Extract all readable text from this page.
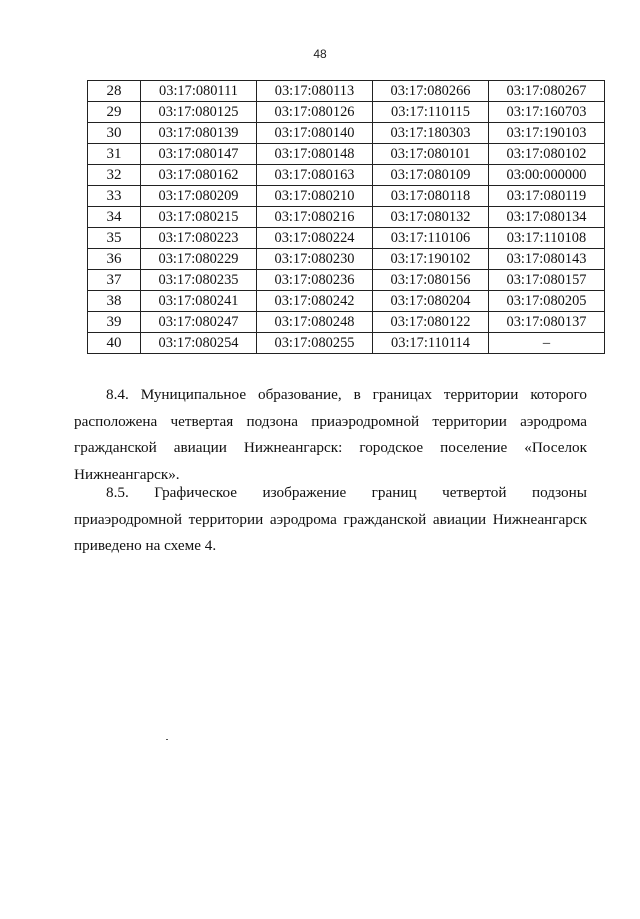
48
28	03:17:080111	03:17:080113	03:17:080266	03:17:080267
29	03:17:080125	03:17:080126	03:17:110115	03:17:160703
30	03:17:080139	03:17:080140	03:17:180303	03:17:190103
31	03:17:080147	03:17:080148	03:17:080101	03:17:080102
32	03:17:080162	03:17:080163	03:17:080109	03:00:000000
33	03:17:080209	03:17:080210	03:17:080118	03:17:080119
34	03:17:080215	03:17:080216	03:17:080132	03:17:080134
35	03:17:080223	03:17:080224	03:17:110106	03:17:110108
36	03:17:080229	03:17:080230	03:17:190102	03:17:080143
37	03:17:080235	03:17:080236	03:17:080156	03:17:080157
38	03:17:080241	03:17:080242	03:17:080204	03:17:080205
39	03:17:080247	03:17:080248	03:17:080122	03:17:080137
40	03:17:080254	03:17:080255	03:17:110114	–

8.4. Муниципальное образование, в границах территории которого расположена четвертая подзона приаэродромной территории аэродрома гражданской авиации Нижнеангарск: городское поселение «Поселок Нижнеангарск».

8.5. Графическое изображение границ четвертой подзоны приаэродромной территории аэродрома гражданской авиации Нижнеангарск приведено на схеме 4.
